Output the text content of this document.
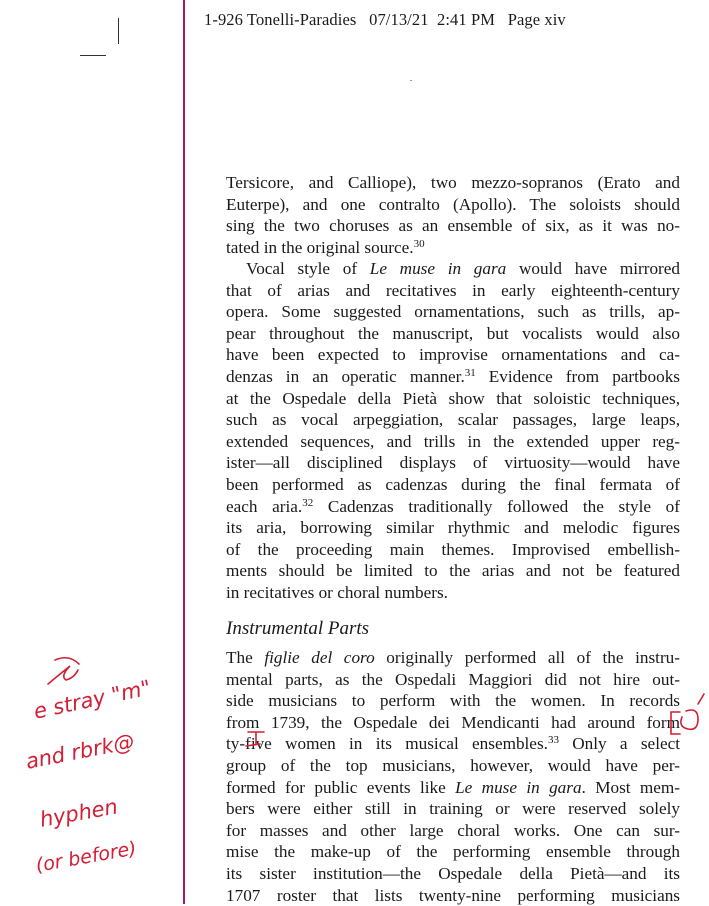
1-926 Tonelli-Paradies   07/13/21  2:41 PM   Page xiv
Tersicore, and Calliope), two mezzo-sopranos (Erato and
Euterpe), and one contralto (Apollo). The soloists should
sing the two choruses as an ensemble of six, as it was no-
tated in the original source.$^{30}$
Vocal style of Le muse in gara would have mirrored
that of arias and recitatives in early eighteenth-century
opera. Some suggested ornamentations, such as trills, ap-
pear throughout the manuscript, but vocalists would also
have been expected to improvise ornamentations and ca-
denzas in an operatic manner.$^{31}$ Evidence from partbooks
at the Ospedale della Pietà show that soloistic techniques,
such as vocal arpeggiation, scalar passages, large leaps,
extended sequences, and trills in the extended upper reg-
ister—all disciplined displays of virtuosity—would have
been performed as cadenzas during the final fermata of
each aria.$^{32}$ Cadenzas traditionally followed the style of
its aria, borrowing similar rhythmic and melodic figures
of the proceeding main themes. Improvised embellish-
ments should be limited to the arias and not be featured
in recitatives or choral numbers.
Instrumental Parts
The figlie del coro originally performed all of the instru-
mental parts, as the Ospedali Maggiori did not hire out-
side musicians to perform with the women. In records
from 1739, the Ospedale dei Mendicanti had around form
ty-five women in its musical ensembles.$^{33}$ Only a select
group of the top musicians, however, would have per-
formed for public events like Le muse in gara. Most mem-
bers were either still in training or were reserved solely
for masses and other large choral works. One can sur-
mise the make-up of the performing ensemble through
its sister institution—the Ospedale della Pietà—and its
1707 roster that lists twenty-nine performing musicians
e stray "m"
and rbrk@
hyphen
(or before)
